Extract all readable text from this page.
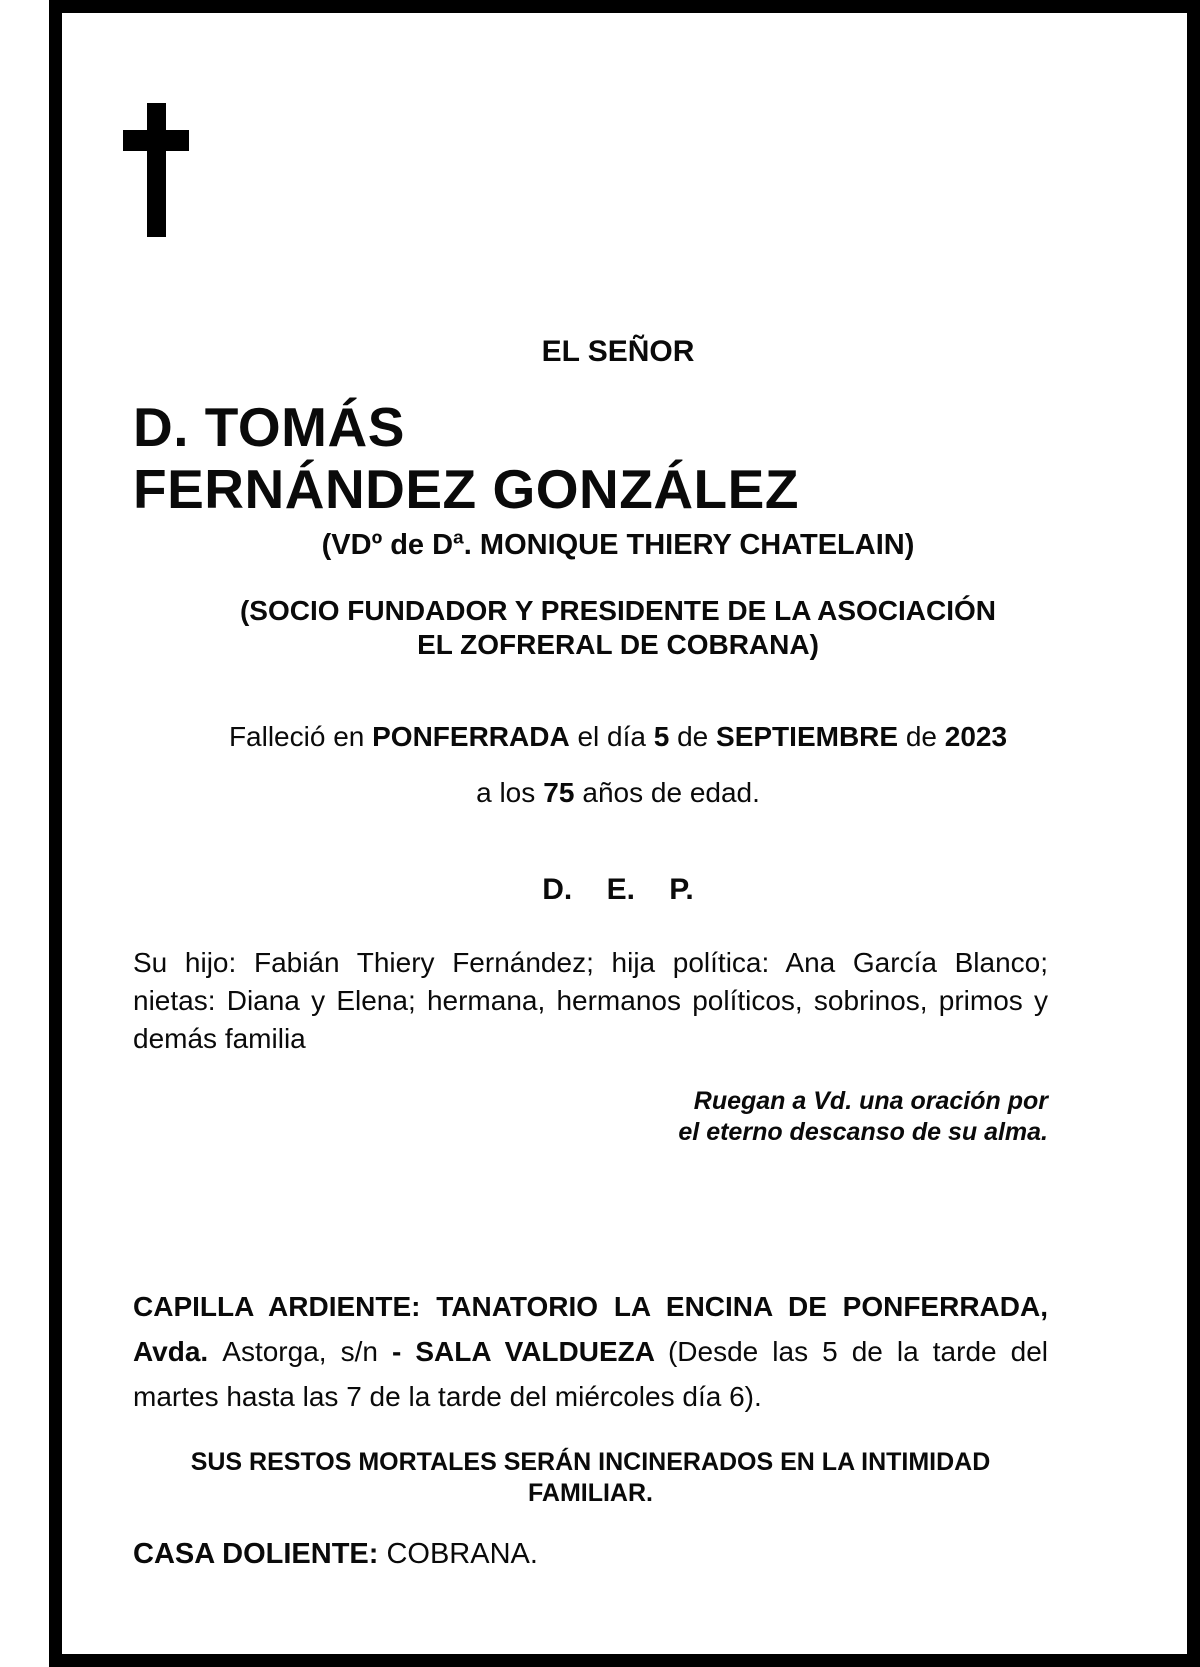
EL SEÑOR
D. TOMÁS
FERNÁNDEZ GONZÁLEZ
(VDº de Dª. MONIQUE THIERY CHATELAIN)
(SOCIO FUNDADOR Y PRESIDENTE DE LA ASOCIACIÓN
EL ZOFRERAL DE COBRANA)
Falleció en PONFERRADA el día 5 de SEPTIEMBRE de 2023
a los 75 años de edad.
D. E. P.

Su hijo: Fabián Thiery Fernández; hija política: Ana García Blanco; nietas: Diana y Elena; hermana, hermanos políticos, sobrinos, primos y demás familia

Ruegan a Vd. una oración por
el eterno descanso de su alma.

CAPILLA ARDIENTE: TANATORIO LA ENCINA DE PONFERRADA, Avda. Astorga, s/n - SALA VALDUEZA (Desde las 5 de la tarde del martes hasta las 7 de la tarde del miércoles día 6).

SUS RESTOS MORTALES SERÁN INCINERADOS EN LA INTIMIDAD FAMILIAR.
CASA DOLIENTE: COBRANA.
